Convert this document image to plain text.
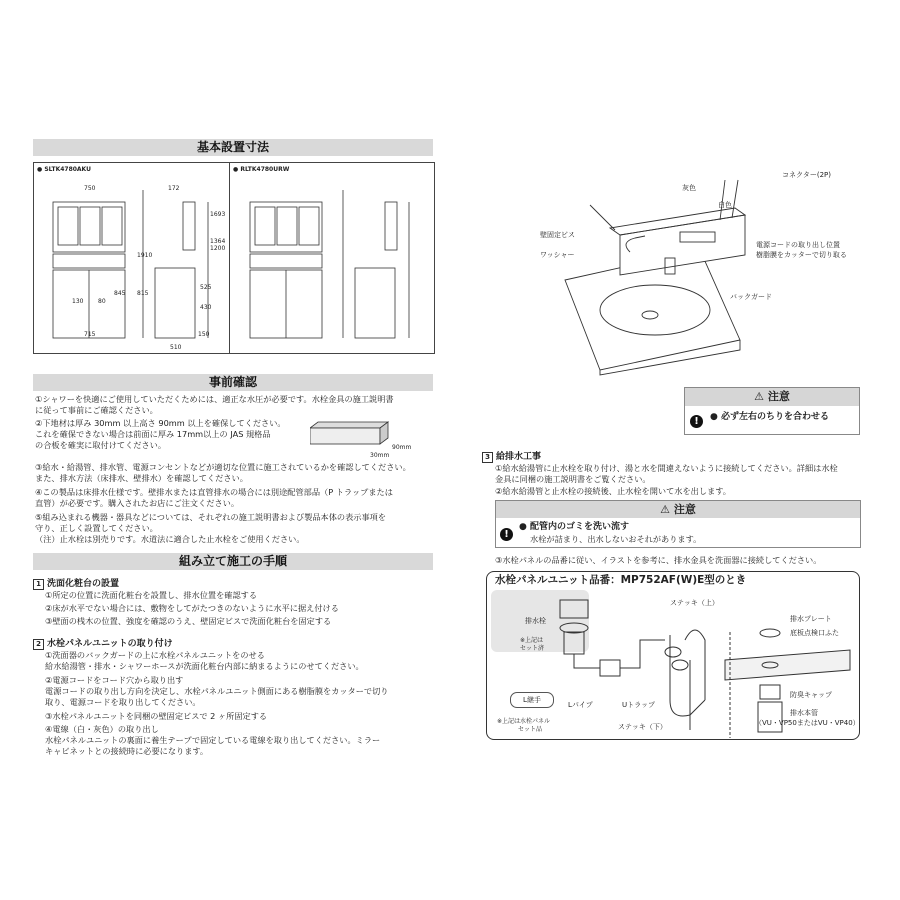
基本設置寸法
● SLTK4780AKU	● RLTK4780URW
750	172
1693
1364
1200
1910
815
845
525
430
130 80
715	150
510
事前確認
①シャワーを快適にご使用していただくためには、適正な水圧が必要です。水栓金具の施工説明書
に従って事前にご確認ください。
②下地材は厚み 30mm 以上高さ 90mm 以上を確保してください。
これを確保できない場合は前面に厚み 17mm以上の JAS 規格品
の合板を確実に取付けてください。
③給水・給湯管、排水管、電源コンセントなどが適切な位置に施工されているかを確認してください。
また、排水方法（床排水、壁排水）を確認してください。
④この製品は床排水仕様です。壁排水または直管排水の場合には別途配管部品（P トラップまたは
直管）が必要です。購入されたお店にご注文ください。
⑤組み込まれる機器・器具などについては、それぞれの施工説明書および製品本体の表示事項を
守り、正しく設置してください。
（注）止水栓は別売りです。水道法に適合した止水栓をご使用ください。
30mm
90mm
組み立て施工の手順
1 洗面化粧台の設置
①所定の位置に洗面化粧台を設置し、排水位置を確認する
②床が水平でない場合には、敷物をしてがたつきのないように水平に据え付ける
③壁面の桟木の位置、強度を確認のうえ、壁固定ビスで洗面化粧台を固定する
2 水栓パネルユニットの取り付け
①洗面器のバックガードの上に水栓パネルユニットをのせる
給水給湯管・排水・シャワーホースが洗面化粧台内部に納まるようにのせてください。
②電源コードをコード穴から取り出す
電源コードの取り出し方向を決定し、水栓パネルユニット側面にある樹脂膜をカッターで切り
取り、電源コードを取り出してください。
③水栓パネルユニットを同梱の壁固定ビスで 2 ヶ所固定する
④電線（白・灰色）の取り出し
水栓パネルユニットの裏面に養生テープで固定している電線を取り出してください。ミラー
キャビネットとの接続時に必要になります。
コネクター(2P)
灰色
白色
壁固定ビス
ワッシャー
電源コードの取り出し位置
樹脂膜をカッターで切り取る
バックガード
⚠ 注意
!	● 必ず左右のちりを合わせる
3 給排水工事
①給水給湯管に止水栓を取り付け、湯と水を間違えないように接続してください。詳細は水栓
金具に同梱の施工説明書をご覧ください。
②給水給湯管と止水栓の接続後、止水栓を開いて水を出します。
⚠ 注意
!
● 配管内のゴミを洗い流す
水栓が詰まり、出水しないおそれがあります。
③水栓パネルの品番に従い、イラストを参考に、排水金具を洗面器に接続してください。
水栓パネルユニット品番：MP752AF(W)E型のとき
排水栓
※上記は
セット済
ステッキ（上）
ステッキ（下）
L継手
Lパイプ	Uトラップ
※上記は水栓パネル
セット品
排水プレート
底板点検口ふた
防臭キャップ
排水本管
（VU・VP50またはVU・VP40）
